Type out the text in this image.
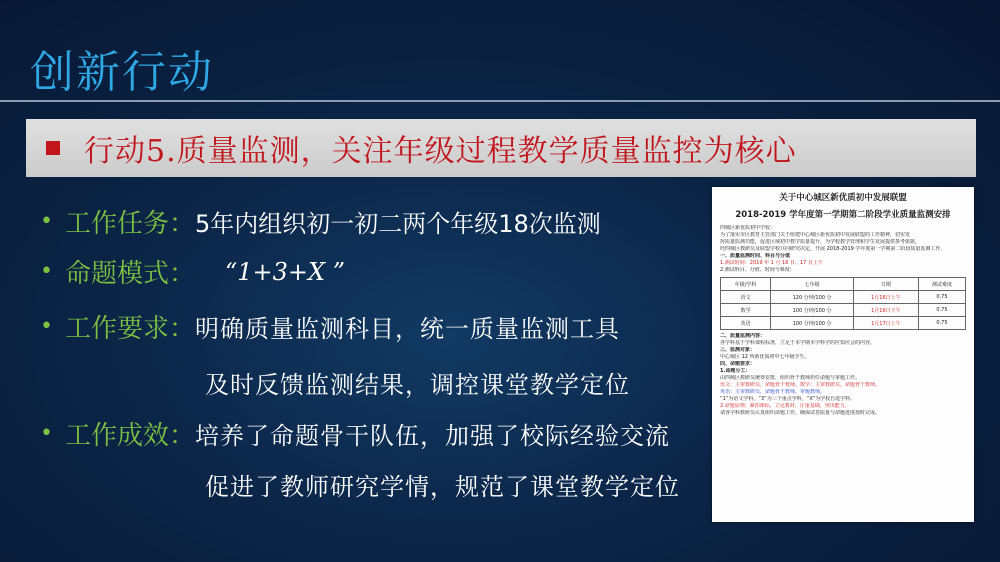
创新行动
行动5.质量监测，关注年级过程教学质量监控为核心
• 工作任务： 5年内组织初一初二两个年级18次监测
• 命题模式： “1+3+X ”
• 工作要求： 明确质量监测科目，统一质量监测工具
及时反馈监测结果，调控课堂教学定位
• 工作成效： 培养了命题骨干队伍，加强了校际经验交流
促进了教师研究学情，规范了课堂教学定位
关于中心城区新优质初中发展联盟
2018-2019 学年度第一学期第二阶段学业质量监测安排
四城区新优质初中学校：
为了落实市区教育主管部门关于组建中心城区新优质初中发展联盟的工作精神，切实发
挥质量监测功能，促进区域初中教学质量提升，为学校教学管理和学生发展提供参考依据，
经四城区教研员及联盟学校共同研究决定，开展 2018-2019 学年度第一学期第二阶段质量监测工作。
一、质量监测时间、科目与分值
1.测试时间：2019 年 1 月 16 日、17 日上午
2.测试科目、分值、时间与难度：
年级/学科	七年级	日期	测试难度
语文	120 分钟/100 分	1月16日上午	0.75
数学	100 分钟/100 分	1月16日下午	0.75
英语	100 分钟/100 分	1月17日上午	0.75
二、质量监测内容：
各学科基于学科课程标准，立足于本学期本学科学的应知应会的内容。
三、监测对象：
中心城区 12 所新优质初中七年级学生。
四、命题要求：
1.命题分工：
由四城区教研员统筹安排，组织骨干教师担任命题与审题工作。
语文：主审教研员，命题骨干教师。数学：主审教研员，命题骨干教师。
英语：主审教研员，命题骨干教师，审题教师。
“1”为语文学科，“3”为三个重点学科，“X”为学校自选学科。
2.命题原则：紧扣课标，立足教材，注重基础，突出能力。
请各学科教研员认真组织命题工作，确保试卷质量与命题进度按时完成。
